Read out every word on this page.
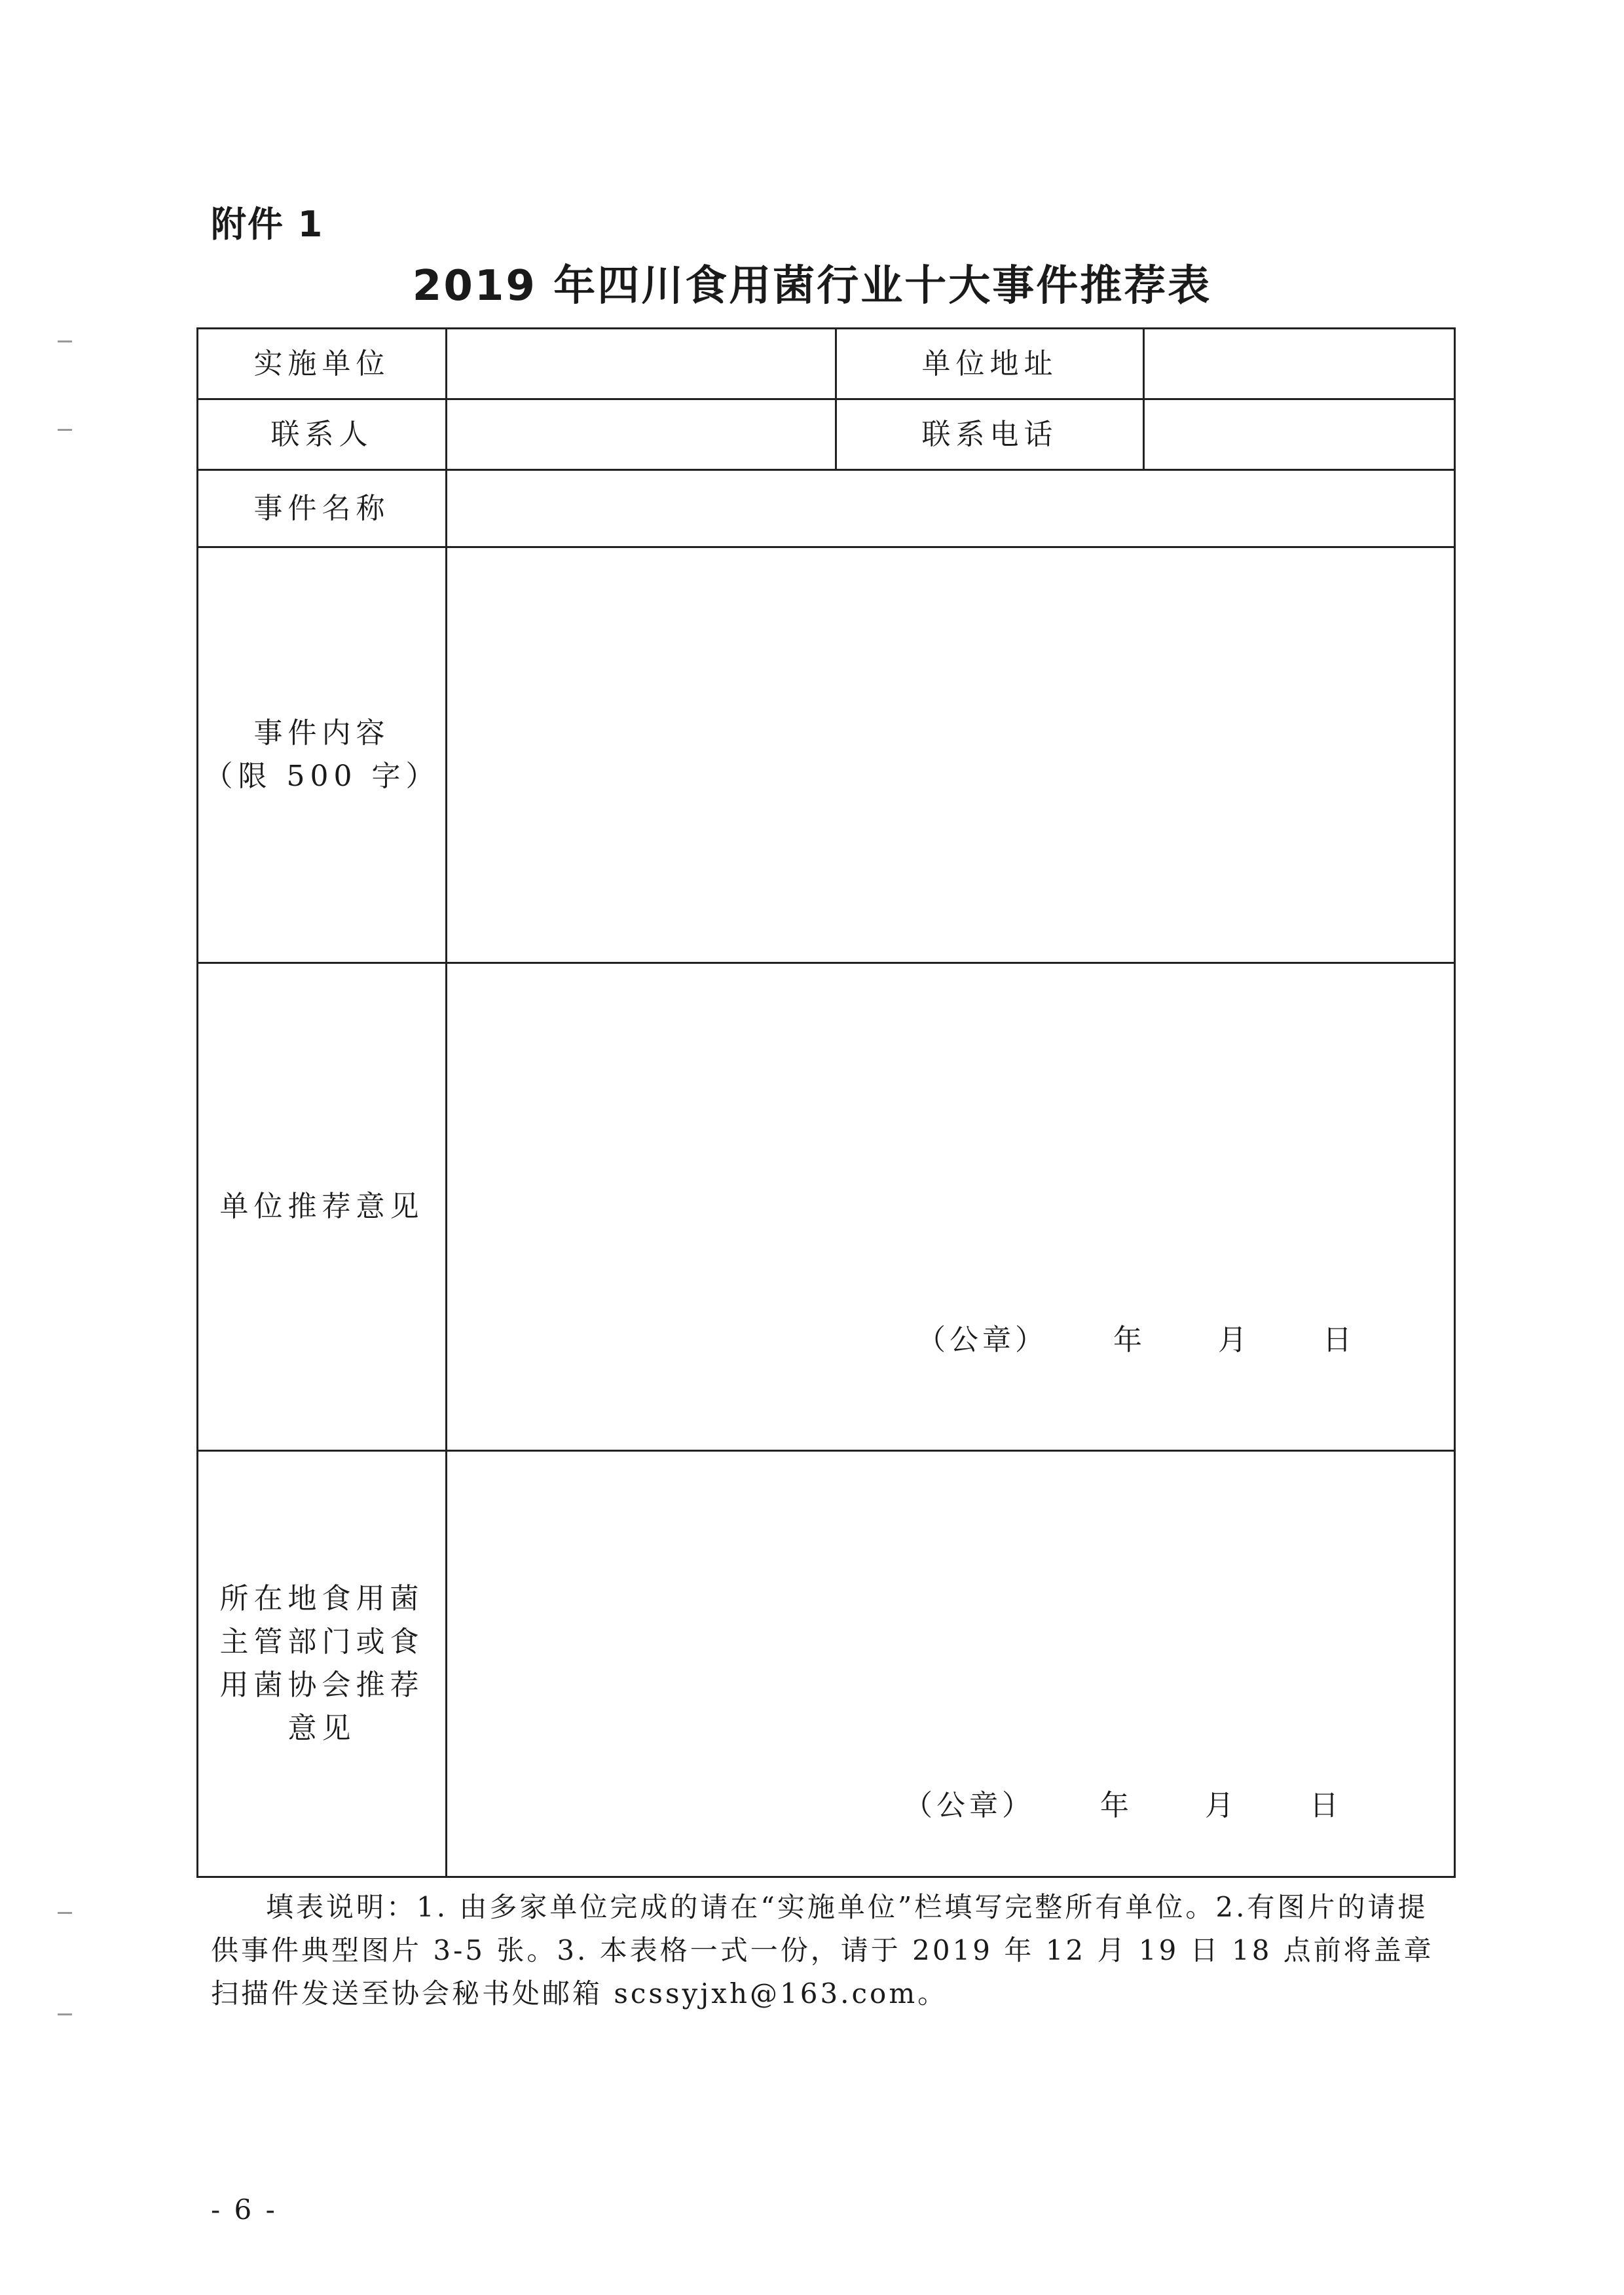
附件 1
2019 年四川食用菌行业十大事件推荐表
实施单位		单位地址	
联系人		联系电话	
事件名称			

事件内容
（限 500 字）			

单位推荐意见	（公章） 年 月 日		

所在地食用菌
主管部门或食
用菌协会推荐
意见	（公章） 年 月 日		
填表说明：1. 由多家单位完成的请在“实施单位”栏填写完整所有单位。2.有图片的请提供事件典型图片 3-5 张。3. 本表格一式一份，请于 2019 年 12 月 19 日 18 点前将盖章扫描件发送至协会秘书处邮箱 scssyjxh@163.com。
- 6 -
